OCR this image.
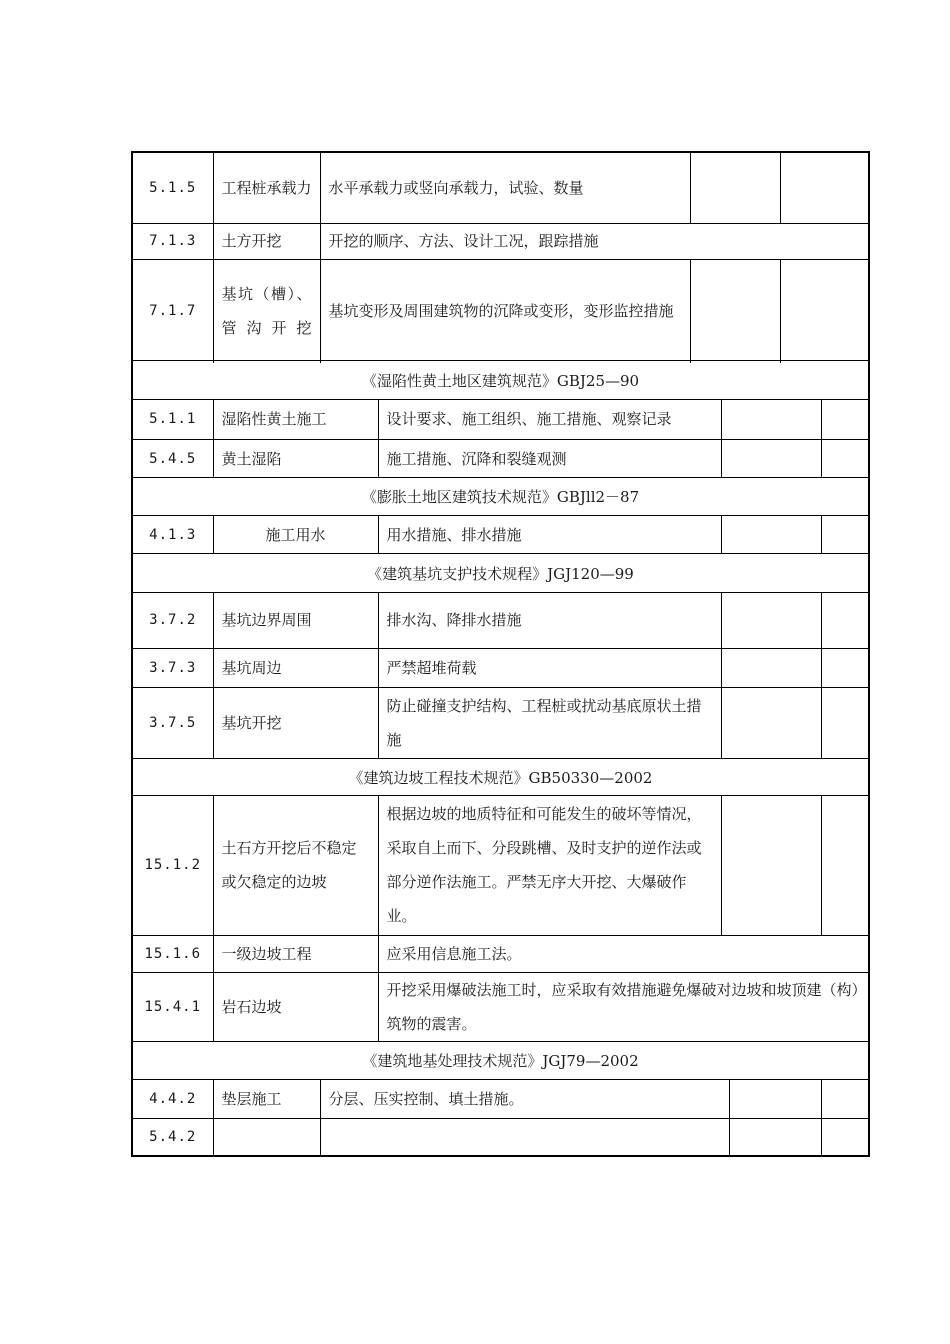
5.1.5	工程桩承载力	水平承载力或竖向承载力，试验、数量		
7.1.3	土方开挖	开挖的顺序、方法、设计工况，跟踪措施		
7.1.7	基坑（槽）、管沟开挖	基坑变形及周围建筑物的沉降或变形，变形监控措施		
《湿陷性黄土地区建筑规范》GBJ25—90
5.1.1	湿陷性黄土施工	设计要求、施工组织、施工措施、观察记录		
5.4.5	黄土湿陷	施工措施、沉降和裂缝观测		
《膨胀土地区建筑技术规范》GBJll2－87
4.1.3	施工用水	用水措施、排水措施		
《建筑基坑支护技术规程》JGJ120—99
3.7.2	基坑边界周围	排水沟、降排水措施		
3.7.3	基坑周边	严禁超堆荷载		
3.7.5	基坑开挖	防止碰撞支护结构、工程桩或扰动基底原状土措施		
《建筑边坡工程技术规范》GB50330—2002
15.1.2	土石方开挖后不稳定或欠稳定的边坡	根据边坡的地质特征和可能发生的破坏等情况，采取自上而下、分段跳槽、及时支护的逆作法或部分逆作法施工。严禁无序大开挖、大爆破作业。		
15.1.6	一级边坡工程	应采用信息施工法。		
15.4.1	岩石边坡	开挖采用爆破法施工时，应采取有效措施避免爆破对边坡和坡顶建（构）筑物的震害。		
《建筑地基处理技术规范》JGJ79—2002
4.4.2	垫层施工	分层、压实控制、填土措施。		
5.4.2				
